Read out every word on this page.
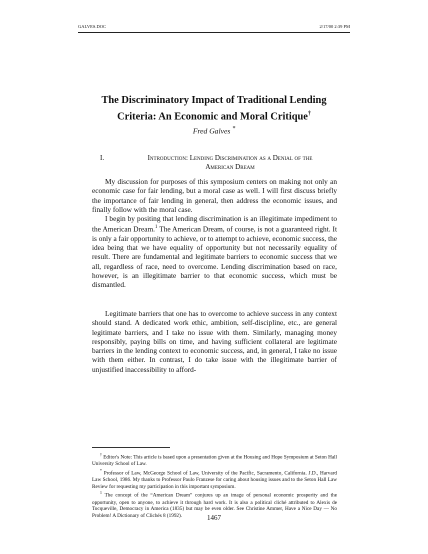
GALVES.DOC	2/17/00 2:39 PM
The Discriminatory Impact of Traditional Lending
Criteria: An Economic and Moral Critique†
Fred Galves *
I.	Introduction: Lending Discrimination as a Denial of the
American Dream

My discussion for purposes of this symposium centers on making not only an economic case for fair lending, but a moral case as well. I will first discuss briefly the importance of fair lending in general, then address the economic issues, and finally follow with the moral case.

I begin by positing that lending discrimination is an illegitimate impediment to the American Dream.$^1$ The American Dream, of course, is not a guaranteed right. It is only a fair opportunity to achieve, or to attempt to achieve, economic success, the idea being that we have equality of opportunity but not necessarily equality of result. There are fundamental and legitimate barriers to economic success that we all, regardless of race, need to overcome. Lending discrimination based on race, however, is an illegitimate barrier to that economic success, which must be dismantled.

Legitimate barriers that one has to overcome to achieve success in any context should stand. A dedicated work ethic, ambition, self-discipline, etc., are general legitimate barriers, and I take no issue with them. Similarly, managing money responsibly, paying bills on time, and having sufficient collateral are legitimate barriers in the lending context to economic success, and, in general, I take no issue with them either. In contrast, I do take issue with the illegitimate barrier of unjustified inaccessibility to afford-

† Editor's Note: This article is based upon a presentation given at the Housing and Hope Symposium at Seton Hall University School of Law.

* Professor of Law, McGeorge School of Law, University of the Pacific, Sacramento, California. J.D., Harvard Law School, 1986. My thanks to Professor Paulo Franzese for caring about housing issues and to the Seton Hall Law Review for requesting my participation in this important symposium.

$^1$ The concept of the “American Dream” conjures up an image of personal economic prosperity and the opportunity, open to anyone, to achieve it through hard work. It is also a political cliché attributed to Alexis de Tocqueville, Democracy in America (1835) but may be even older. See Christine Ammer, Have a Nice Day — No Problem! A Dictionary of Clichés 8 (1992).	1467
